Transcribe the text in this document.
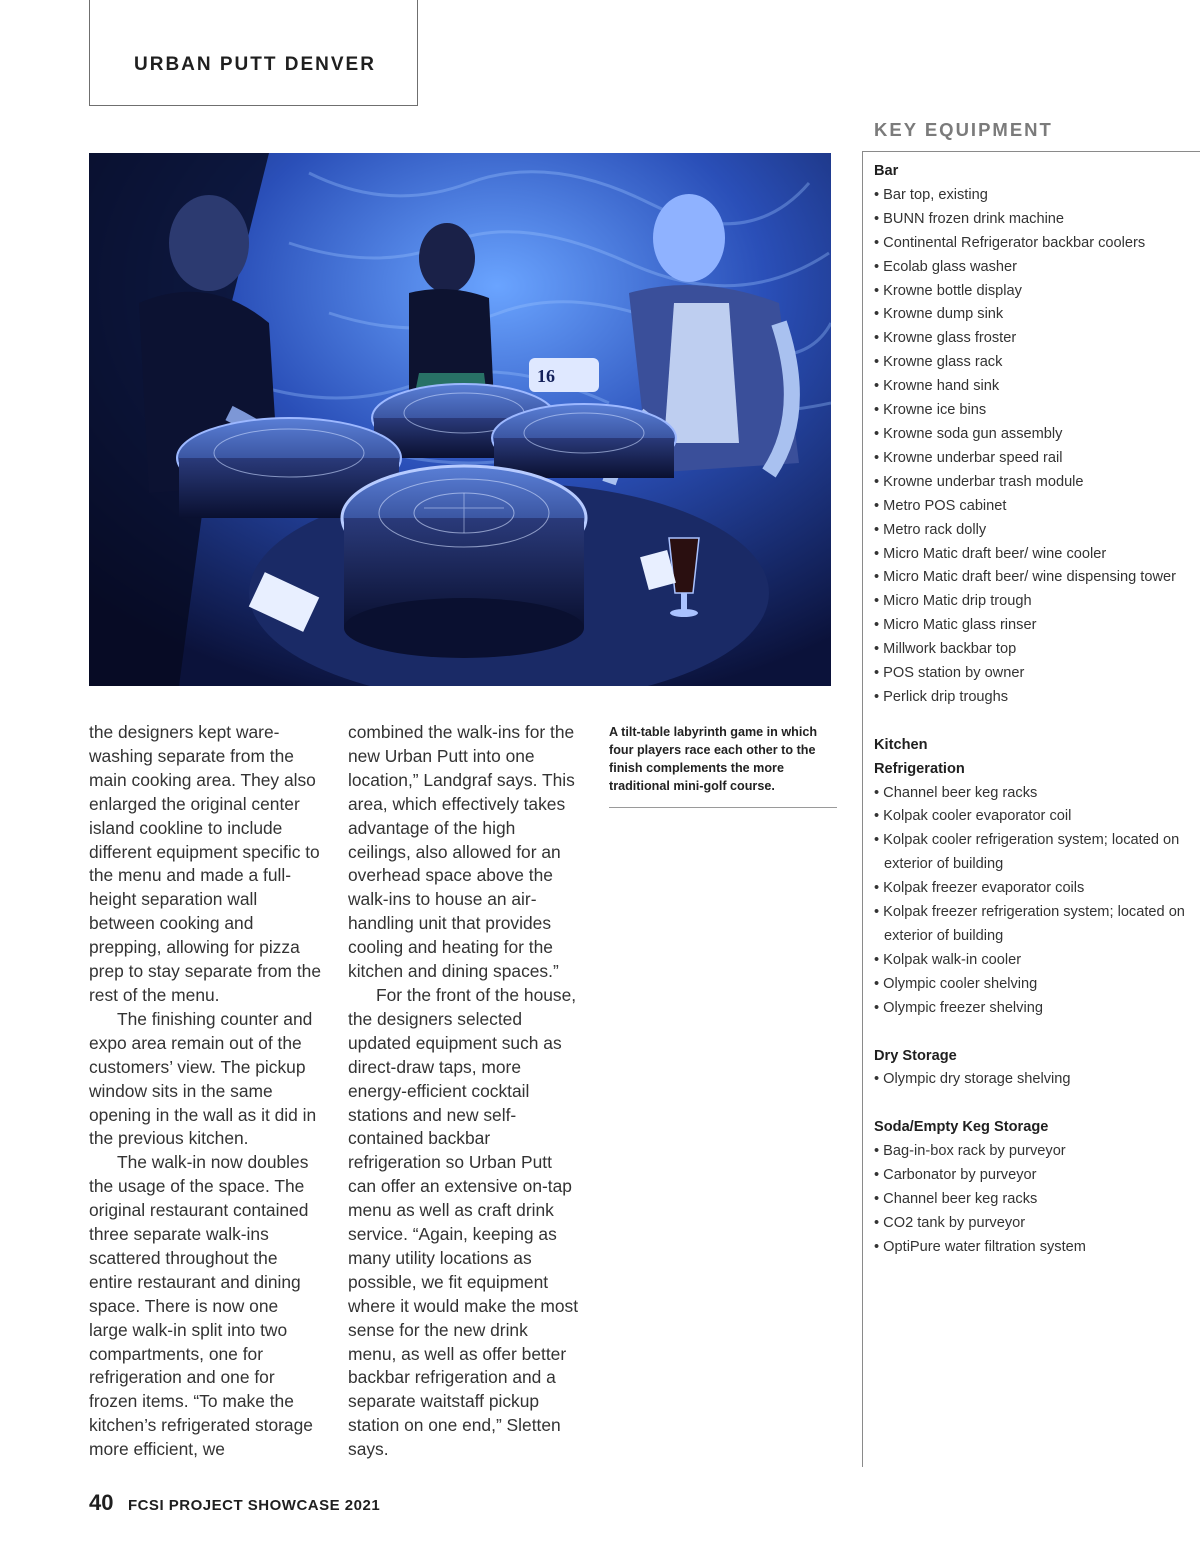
URBAN PUTT DENVER
16

the designers kept warewashing separate from the main cooking area. They also enlarged the original center island cookline to include different equipment specific to the menu and made a full-height separation wall between cooking and prepping, allowing for pizza prep to stay separate from the rest of the menu.

The finishing counter and expo area remain out of the customers’ view. The pickup window sits in the same opening in the wall as it did in the previous kitchen.

The walk-in now doubles the usage of the space. The original restaurant contained three separate walk-ins scattered throughout the entire restaurant and dining space. There is now one large walk-in split into two compartments, one for refrigeration and one for frozen items. “To make the kitchen’s refrigerated storage more efficient, we

combined the walk-ins for the new Urban Putt into one location,” Landgraf says. This area, which effectively takes advantage of the high ceilings, also allowed for an overhead space above the walk-ins to house an air-handling unit that provides cooling and heating for the kitchen and dining spaces.”

For the front of the house, the designers selected updated equipment such as direct-draw taps, more energy-efficient cocktail stations and new self-contained backbar refrigeration so Urban Putt can offer an extensive on-tap menu as well as craft drink service. “Again, keeping as many utility locations as possible, we fit equipment where it would make the most sense for the new drink menu, as well as offer better backbar refrigeration and a separate waitstaff pickup station on one end,” Sletten says.

A tilt-table labyrinth game in which four players race each other to the finish complements the more traditional mini-golf course.
KEY EQUIPMENT
Bar
• Bar top, existing
• BUNN frozen drink machine
• Continental Refrigerator backbar coolers
• Ecolab glass washer
• Krowne bottle display
• Krowne dump sink
• Krowne glass froster
• Krowne glass rack
• Krowne hand sink
• Krowne ice bins
• Krowne soda gun assembly
• Krowne underbar speed rail
• Krowne underbar trash module
• Metro POS cabinet
• Metro rack dolly
• Micro Matic draft beer/ wine cooler
• Micro Matic draft beer/ wine dispensing tower
• Micro Matic drip trough
• Micro Matic glass rinser
• Millwork backbar top
• POS station by owner
• Perlick drip troughs
Kitchen Refrigeration
• Channel beer keg racks
• Kolpak cooler evaporator coil
• Kolpak cooler refrigeration system; located on exterior of building
• Kolpak freezer evaporator coils
• Kolpak freezer refrigeration system; located on exterior of building
• Kolpak walk-in cooler
• Olympic cooler shelving
• Olympic freezer shelving
Dry Storage
• Olympic dry storage shelving
Soda/Empty Keg Storage
• Bag-in-box rack by purveyor
• Carbonator by purveyor
• Channel beer keg racks
• CO2 tank by purveyor
• OptiPure water filtration system
40 FCSI PROJECT SHOWCASE 2021
